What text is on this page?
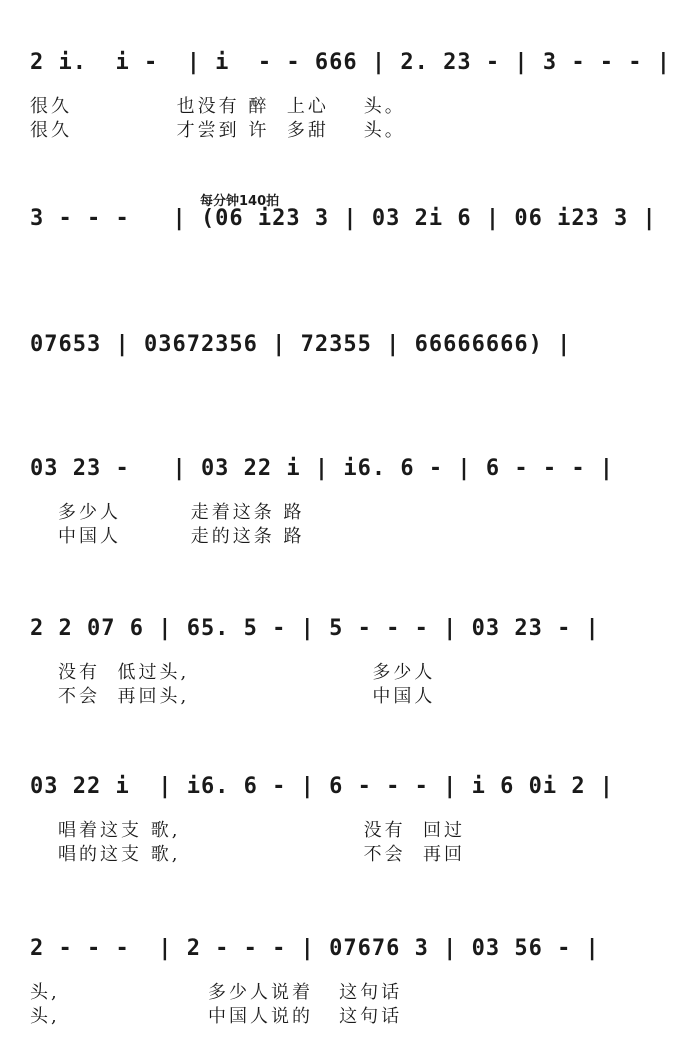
2 i.  i -  | i  - - 666 | 2. 23 - | 3 - - - |
很久            也没有 醉  上心    头。
很久            才尝到 许  多甜    头。
每分钟140拍
3 - - -   | (06 i23 3 | 03 2i 6 | 06 i23 3 |
07653 | 03672356 | 72355 | 66666666) |
03 23 -   | 03 22 i | i6. 6 - | 6 - - - |
多少人        走着这条 路
中国人        走的这条 路
2 2 07 6 | 65. 5 - | 5 - - - | 03 23 - |
没有  低过头,                     多少人
不会  再回头,                     中国人
03 22 i  | i6. 6 - | 6 - - - | i 6 0i 2 |
唱着这支 歌,                     没有  回过
唱的这支 歌,                     不会  再回
2 - - -  | 2 - - - | 07676 3 | 03 56 - |
头,                 多少人说着   这句话
头,                 中国人说的   这句话
